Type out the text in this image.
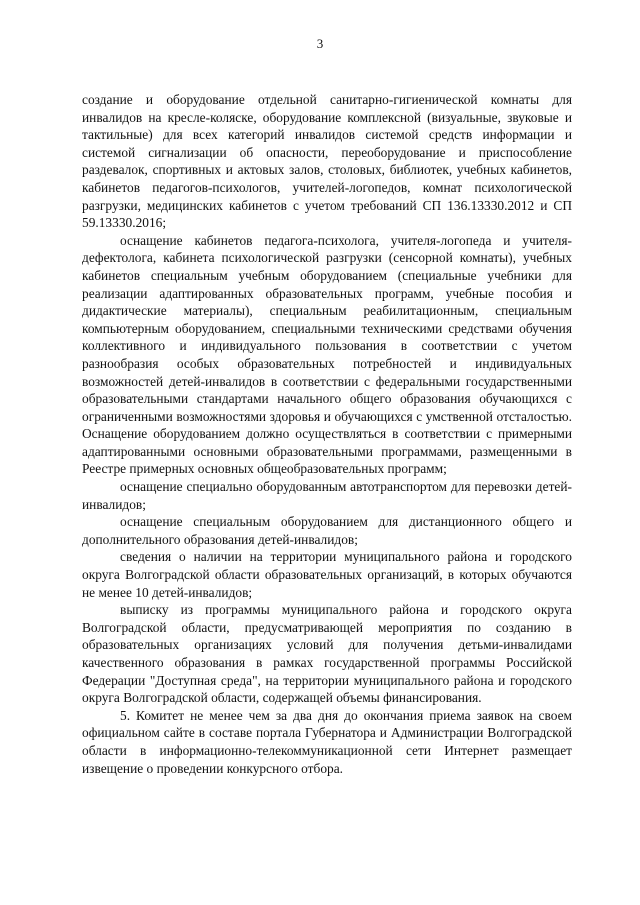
3

создание и оборудование отдельной санитарно-гигиенической комнаты для инвалидов на кресле-коляске, оборудование комплексной (визуальные, звуковые и тактильные) для всех категорий инвалидов системой средств информации и системой сигнализации об опасности, переоборудование и приспособление раздевалок, спортивных и актовых залов, столовых, библиотек, учебных кабинетов, кабинетов педагогов-психологов, учителей-логопедов, комнат психологической разгрузки, медицинских кабинетов с учетом требований СП 136.13330.2012 и СП 59.13330.2016;

оснащение кабинетов педагога-психолога, учителя-логопеда и учителя-дефектолога, кабинета психологической разгрузки (сенсорной комнаты), учебных кабинетов специальным учебным оборудованием (специальные учебники для реализации адаптированных образовательных программ, учебные пособия и дидактические материалы), специальным реабилитационным, специальным компьютерным оборудованием, специальными техническими средствами обучения коллективного и индивидуального пользования в соответствии с учетом разнообразия особых образовательных потребностей и индивидуальных возможностей детей-инвалидов в соответствии с федеральными государственными образовательными стандартами начального общего образования обучающихся с ограниченными возможностями здоровья и обучающихся с умственной отсталостью. Оснащение оборудованием должно осуществляться в соответствии с примерными адаптированными основными образовательными программами, размещенными в Реестре примерных основных общеобразовательных программ;

оснащение специально оборудованным автотранспортом для перевозки детей-инвалидов;

оснащение специальным оборудованием для дистанционного общего и дополнительного образования детей-инвалидов;

сведения о наличии на территории муниципального района и городского округа Волгоградской области образовательных организаций, в которых обучаются не менее 10 детей-инвалидов;

выписку из программы муниципального района и городского округа Волгоградской области, предусматривающей мероприятия по созданию в образовательных организациях условий для получения детьми-инвалидами качественного образования в рамках государственной программы Российской Федерации "Доступная среда", на территории муниципального района и городского округа Волгоградской области, содержащей объемы финансирования.

5. Комитет не менее чем за два дня до окончания приема заявок на своем официальном сайте в составе портала Губернатора и Администрации Волгоградской области в информационно-телекоммуникационной сети Интернет размещает извещение о проведении конкурсного отбора.
